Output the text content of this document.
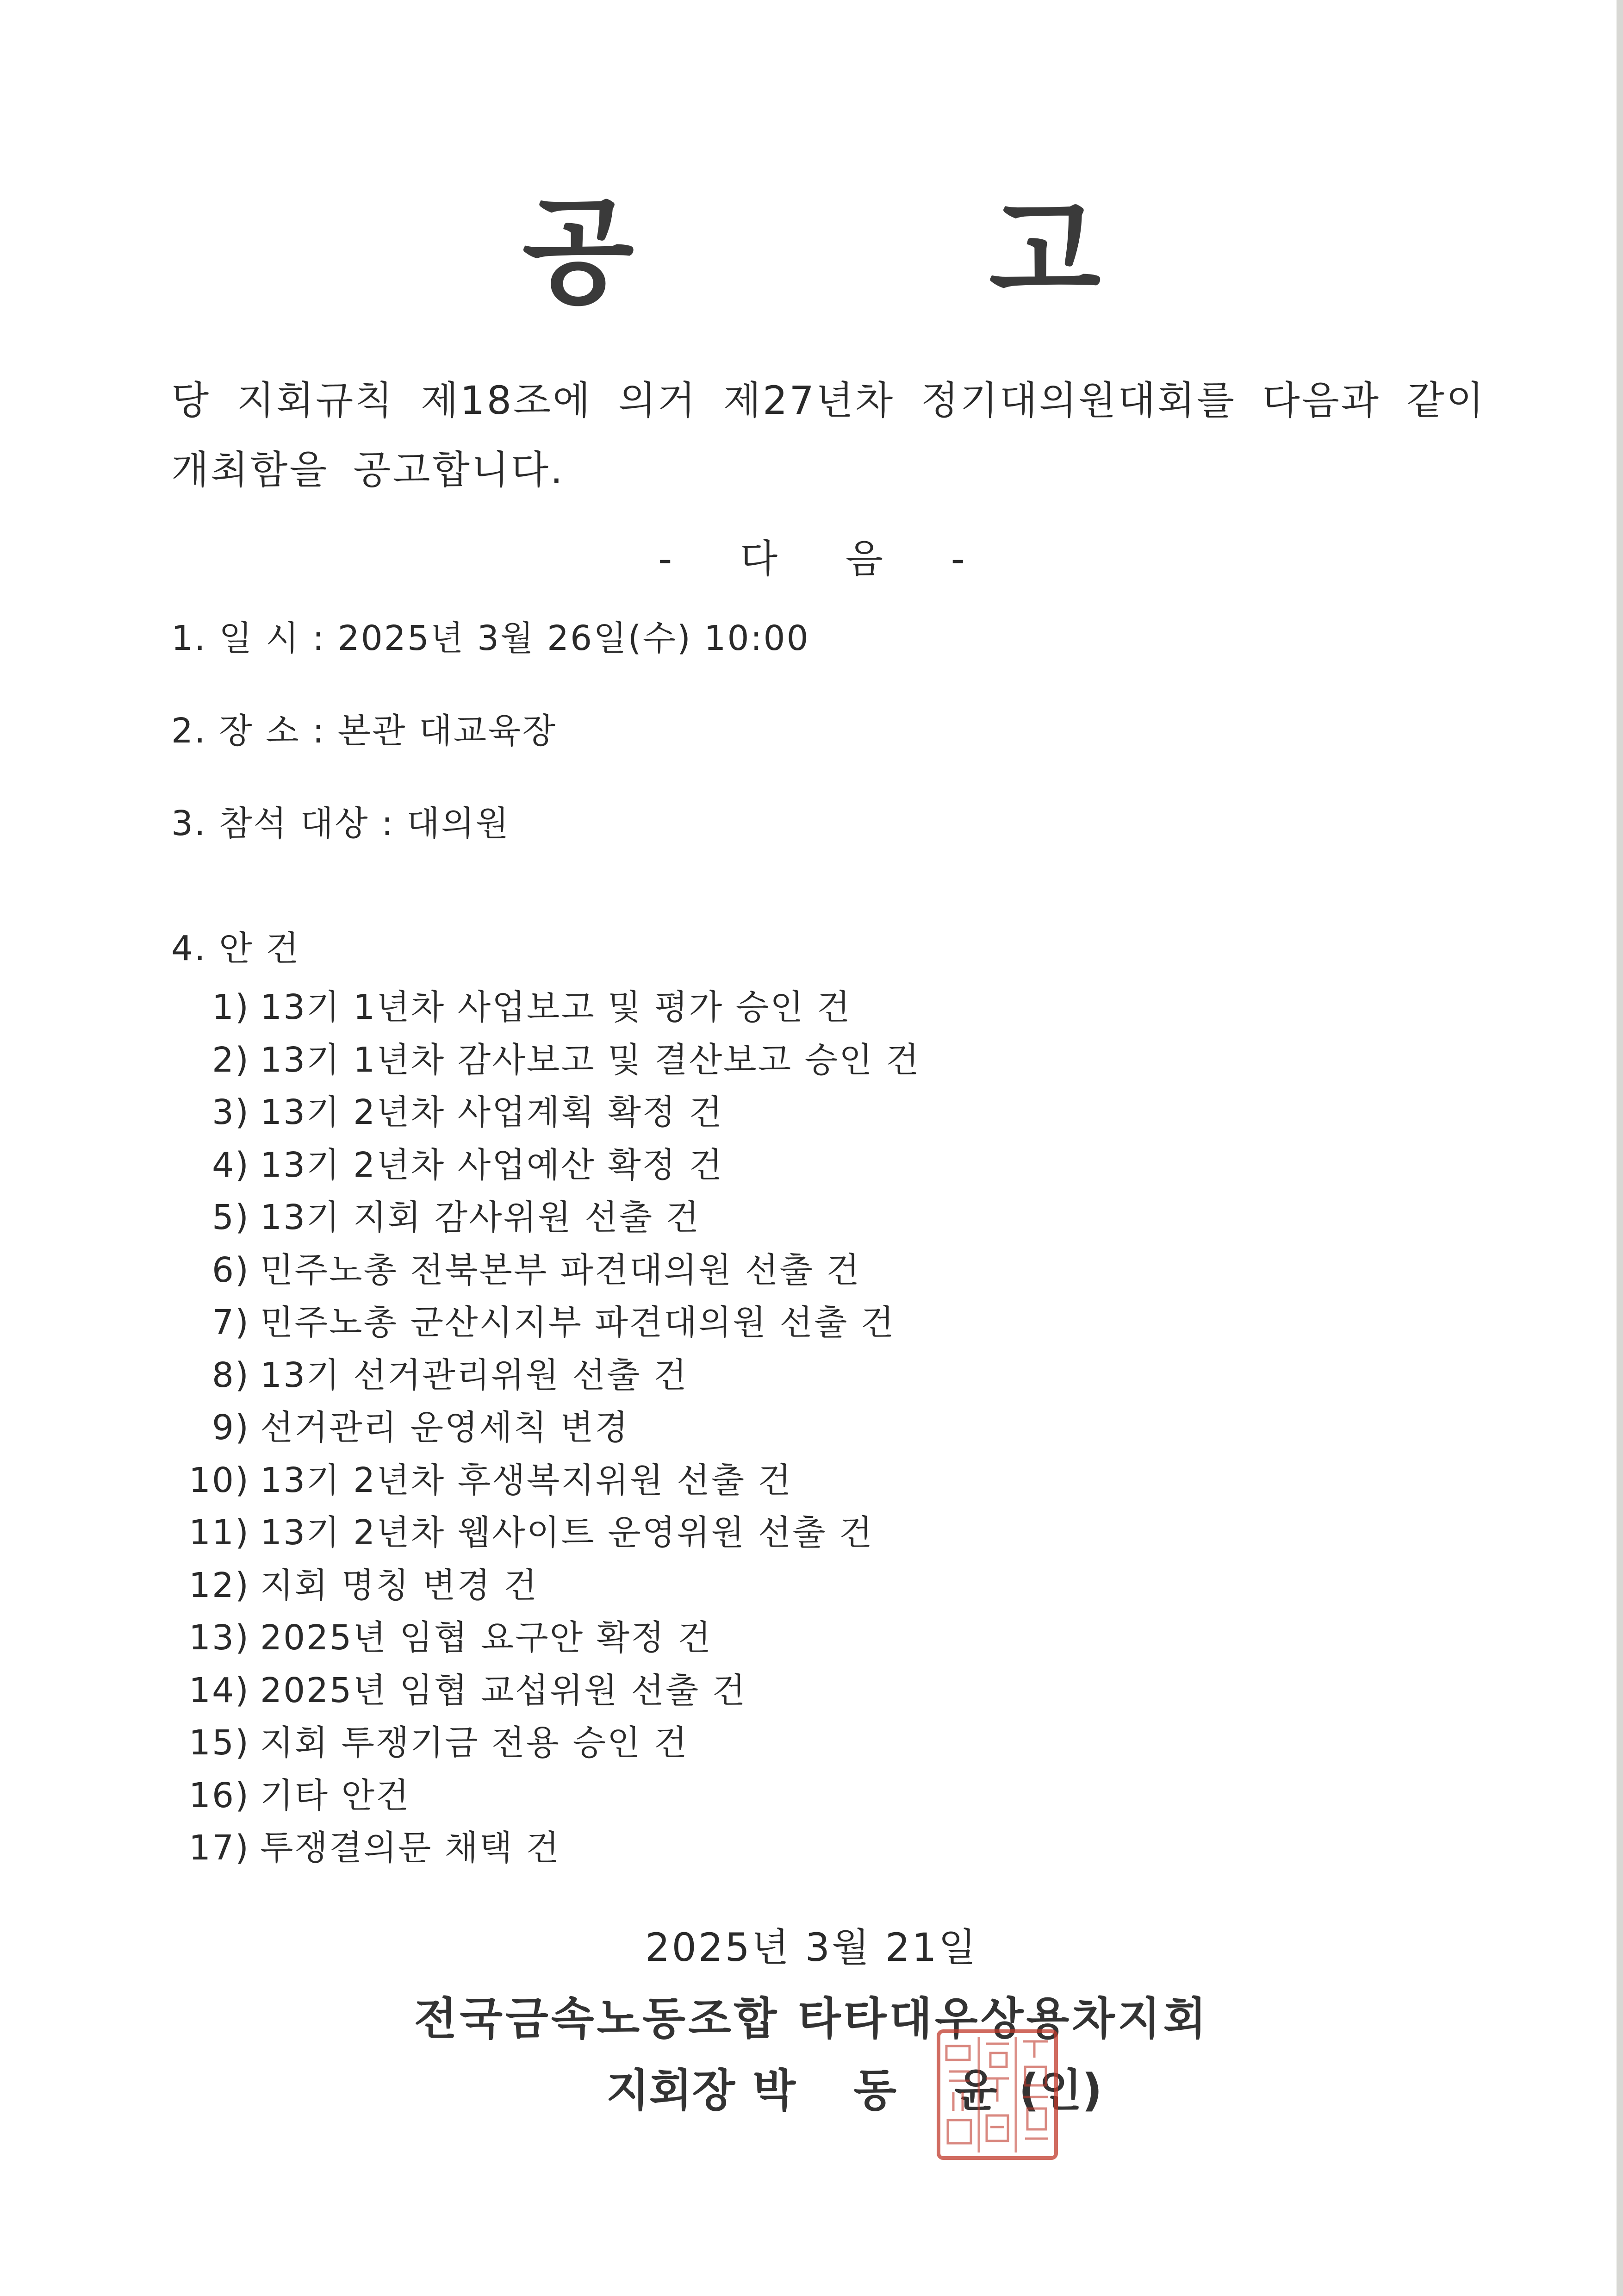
공 고
당 지회규칙 제18조에 의거 제27년차 정기대의원대회를 다음과 같이 개최함을 공고합니다.
- 다 음 -
1. 일 시 : 2025년 3월 26일(수) 10:00
2. 장 소 : 본관 대교육장
3. 참석 대상 : 대의원
4. 안 건
1) 13기 1년차 사업보고 및 평가 승인 건
2) 13기 1년차 감사보고 및 결산보고 승인 건
3) 13기 2년차 사업계획 확정 건
4) 13기 2년차 사업예산 확정 건
5) 13기 지회 감사위원 선출 건
6) 민주노총 전북본부 파견대의원 선출 건
7) 민주노총 군산시지부 파견대의원 선출 건
8) 13기 선거관리위원 선출 건
9) 선거관리 운영세칙 변경
10) 13기 2년차 후생복지위원 선출 건
11) 13기 2년차 웹사이트 운영위원 선출 건
12) 지회 명칭 변경 건
13) 2025년 임협 요구안 확정 건
14) 2025년 임협 교섭위원 선출 건
15) 지회 투쟁기금 전용 승인 건
16) 기타 안건
17) 투쟁결의문 채택 건
2025년 3월 21일
전국금속노동조합 타타대우상용차지회
지회장 박 동 윤(인)
